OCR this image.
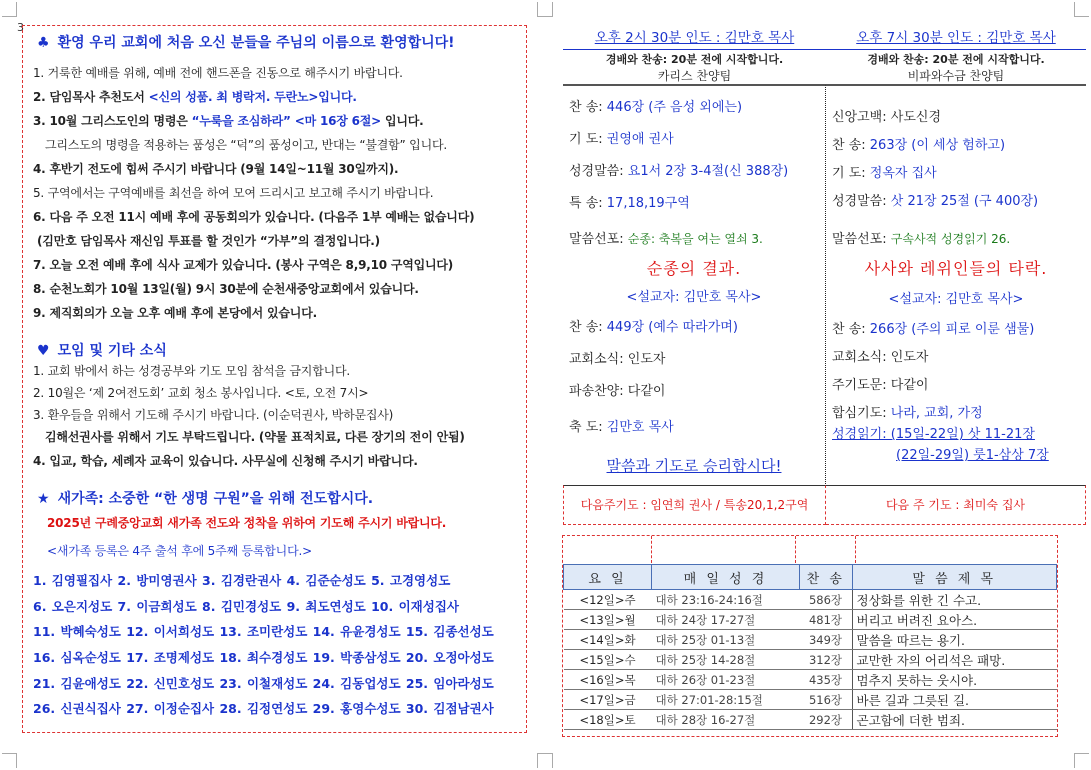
3
♣ 환영 우리 교회에 처음 오신 분들을 주님의 이름으로 환영합니다!
1. 거룩한 예배를 위해, 예배 전에 핸드폰을 진동으로 해주시기 바랍니다.
2. 담임목사 추천도서 <신의 성품. 최 병락저. 두란노>입니다.
3. 10월 그리스도인의 명령은 “누룩을 조심하라” <마 16장 6절> 입니다.
그리스도의 명령을 적용하는 품성은 “덕”의 품성이고, 반대는 “불결함” 입니다.
4. 후반기 전도에 힘써 주시기 바랍니다 (9월 14일~11월 30일까지).
5. 구역에서는 구역예배를 최선을 하여 모여 드리시고 보고해 주시기 바랍니다.
6. 다음 주 오전 11시 예배 후에 공동회의가 있습니다. (다음주 1부 예배는 없습니다)
(김만호 담임목사 재신임 투표를 할 것인가 “가부”의 결정입니다.)
7. 오늘 오전 예배 후에 식사 교제가 있습니다. (봉사 구역은 8,9,10 구역입니다)
8. 순천노회가 10월 13일(월) 9시 30분에 순천새중앙교회에서 있습니다.
9. 제직회의가 오늘 오후 예배 후에 본당에서 있습니다.
♥ 모임 및 기타 소식
1. 교회 밖에서 하는 성경공부와 기도 모임 참석을 금지합니다.
2. 10월은 ‘제 2여전도회’ 교회 청소 봉사입니다. <토, 오전 7시>
3. 환우들을 위해서 기도해 주시기 바랍니다. (이순덕권사, 박하문집사)
김해선권사를 위해서 기도 부탁드립니다. (약물 표적치료, 다른 장기의 전이 안됨)
4. 입교, 학습, 세례자 교육이 있습니다. 사무실에 신청해 주시기 바랍니다.
★ 새가족: 소중한 “한 생명 구원”을 위해 전도합시다.
2025년 구례중앙교회 새가족 전도와 정착을 위하여 기도해 주시기 바랍니다.
<새가족 등록은 4주 출석 후에 5주째 등록합니다.>
1. 김영필집사 2. 방미영권사 3. 김경란권사 4. 김준순성도 5. 고경영성도
6. 오은지성도 7. 이금희성도 8. 김민경성도 9. 최도연성도 10. 이재성집사
11. 박혜숙성도 12. 이서희성도 13. 조미란성도 14. 유윤경성도 15. 김종선성도
16. 심옥순성도 17. 조명제성도 18. 최수경성도 19. 박종삼성도 20. 오정아성도
21. 김윤애성도 22. 신민호성도 23. 이철재성도 24. 김동업성도 25. 임아라성도
26. 신권식집사 27. 이정순집사 28. 김정연성도 29. 홍영수성도 30. 김점남권사
오후 2시 30분 인도 : 김만호 목사
경배와 찬송: 20분 전에 시작합니다.
카리스 찬양팀
찬 송: 446장 (주 음성 외에는)
기 도: 권영애 권사
성경말씀: 요1서 2장 3-4절(신 388장)
특 송: 17,18,19구역
말씀선포: 순종: 축복을 여는 열쇠 3.
순종의 결과.
<설교자: 김만호 목사>
찬 송: 449장 (예수 따라가며)
교회소식: 인도자
파송찬양: 다같이
축 도: 김만호 목사
말씀과 기도로 승리합시다!
다음주기도 : 임연희 권사 / 특송20,1,2구역
오후 7시 30분 인도 : 김만호 목사
경배와 찬송: 20분 전에 시작합니다.
비파와수금 찬양팀
신앙고백: 사도신경
찬 송: 263장 (이 세상 험하고)
기 도: 정옥자 집사
성경말씀: 삿 21장 25절 (구 400장)
말씀선포: 구속사적 성경읽기 26.
사사와 레위인들의 타락.
<설교자: 김만호 목사>
찬 송: 266장 (주의 피로 이룬 샘물)
교회소식: 인도자
주기도문: 다같이
합심기도: 나라, 교회, 가정
성경읽기: (15일-22일) 삿 11-21장
(22일-29일) 룻1-삼상 7장
다음 주 기도 : 최미숙 집사
요 일	매 일 성 경	찬 송	말 씀 제 목
<12일>주	대하 23:16-24:16절	586장	정상화를 위한 긴 수고.
<13일>월	대하 24장 17-27절	481장	버리고 버려진 요아스.
<14일>화	대하 25장 01-13절	349장	말씀을 따르는 용기.
<15일>수	대하 25장 14-28절	312장	교만한 자의 어리석은 패망.
<16일>목	대하 26장 01-23절	435장	멈추지 못하는 웃시야.
<17일>금	대하 27:01-28:15절	516장	바른 길과 그릇된 길.
<18일>토	대하 28장 16-27절	292장	곤고함에 더한 범죄.
